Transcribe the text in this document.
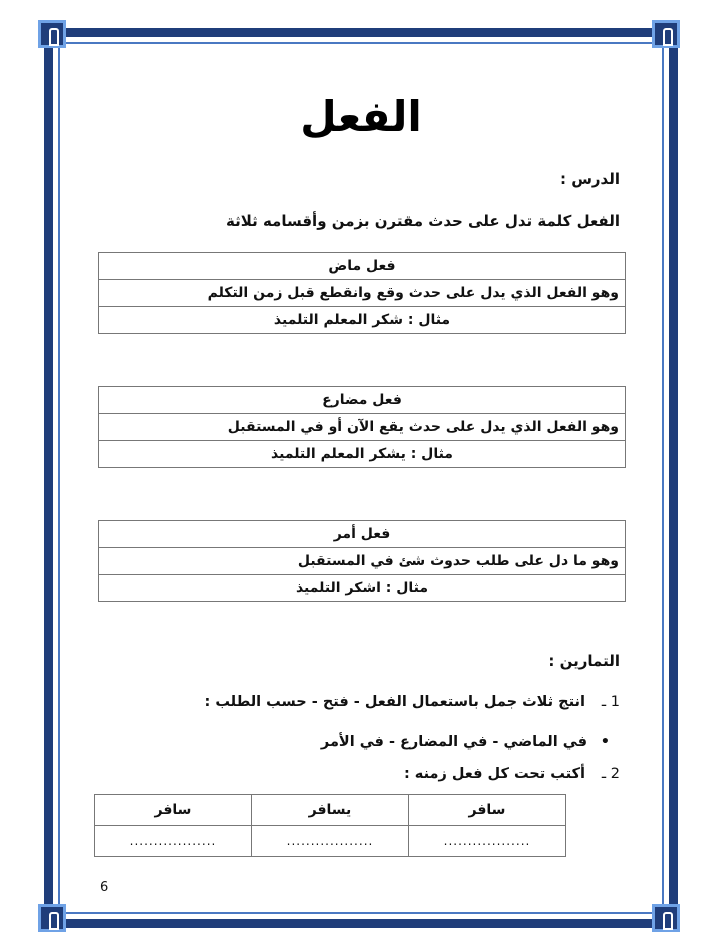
الفعل
الدرس :
الفعل كلمة تدل على حدث مقترن بزمن وأقسامه ثلاثة
فعل ماض
وهو الفعل الذي يدل على حدث وقع وانقطع قبل زمن التكلم
مثال : شكر المعلم التلميذ
فعل مضارع
وهو الفعل الذي يدل على حدث يقع الآن أو في المستقبل
مثال : يشكر المعلم التلميذ
فعل أمر
وهو ما دل على طلب حدوث شئ في المستقبل
مثال : اشكر التلميذ
التمارين :
1 ـ انتج ثلاث جمل باستعمال الفعل - فتح - حسب الطلب :
• في الماضي - في المضارع - في الأمر
2 ـ أكتب تحت كل فعل زمنه :
سافر	يسافر	سافر
..................	..................	..................
6
